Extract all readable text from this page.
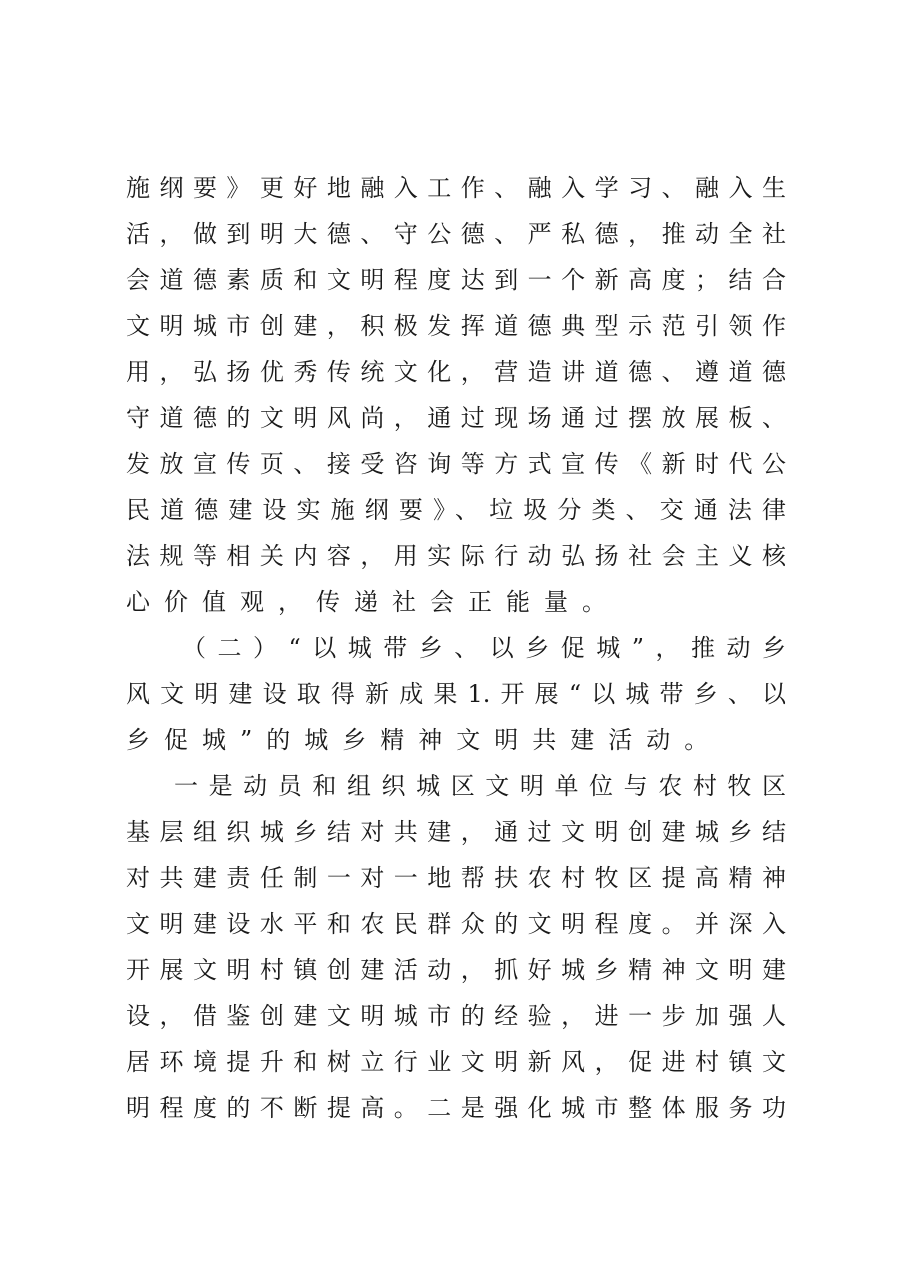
施纲要》更好地融入工作、融入学习、融入生
活，做到明大德、守公德、严私德，推动全社
会道德素质和文明程度达到一个新高度；结合
文明城市创建，积极发挥道德典型示范引领作
用，弘扬优秀传统文化，营造讲道德、遵道德
守道德的文明风尚，通过现场通过摆放展板、
发放宣传页、接受咨询等方式宣传《新时代公
民道德建设实施纲要》、垃圾分类、交通法律
法规等相关内容，用实际行动弘扬社会主义核
心价值观，传递社会正能量。
（二）“以城带乡、以乡促城”，推动乡
风文明建设取得新成果1.开展“以城带乡、以
乡促城”的城乡精神文明共建活动。
一是动员和组织城区文明单位与农村牧区
基层组织城乡结对共建，通过文明创建城乡结
对共建责任制一对一地帮扶农村牧区提高精神
文明建设水平和农民群众的文明程度。并深入
开展文明村镇创建活动，抓好城乡精神文明建
设，借鉴创建文明城市的经验，进一步加强人
居环境提升和树立行业文明新风，促进村镇文
明程度的不断提高。二是强化城市整体服务功
